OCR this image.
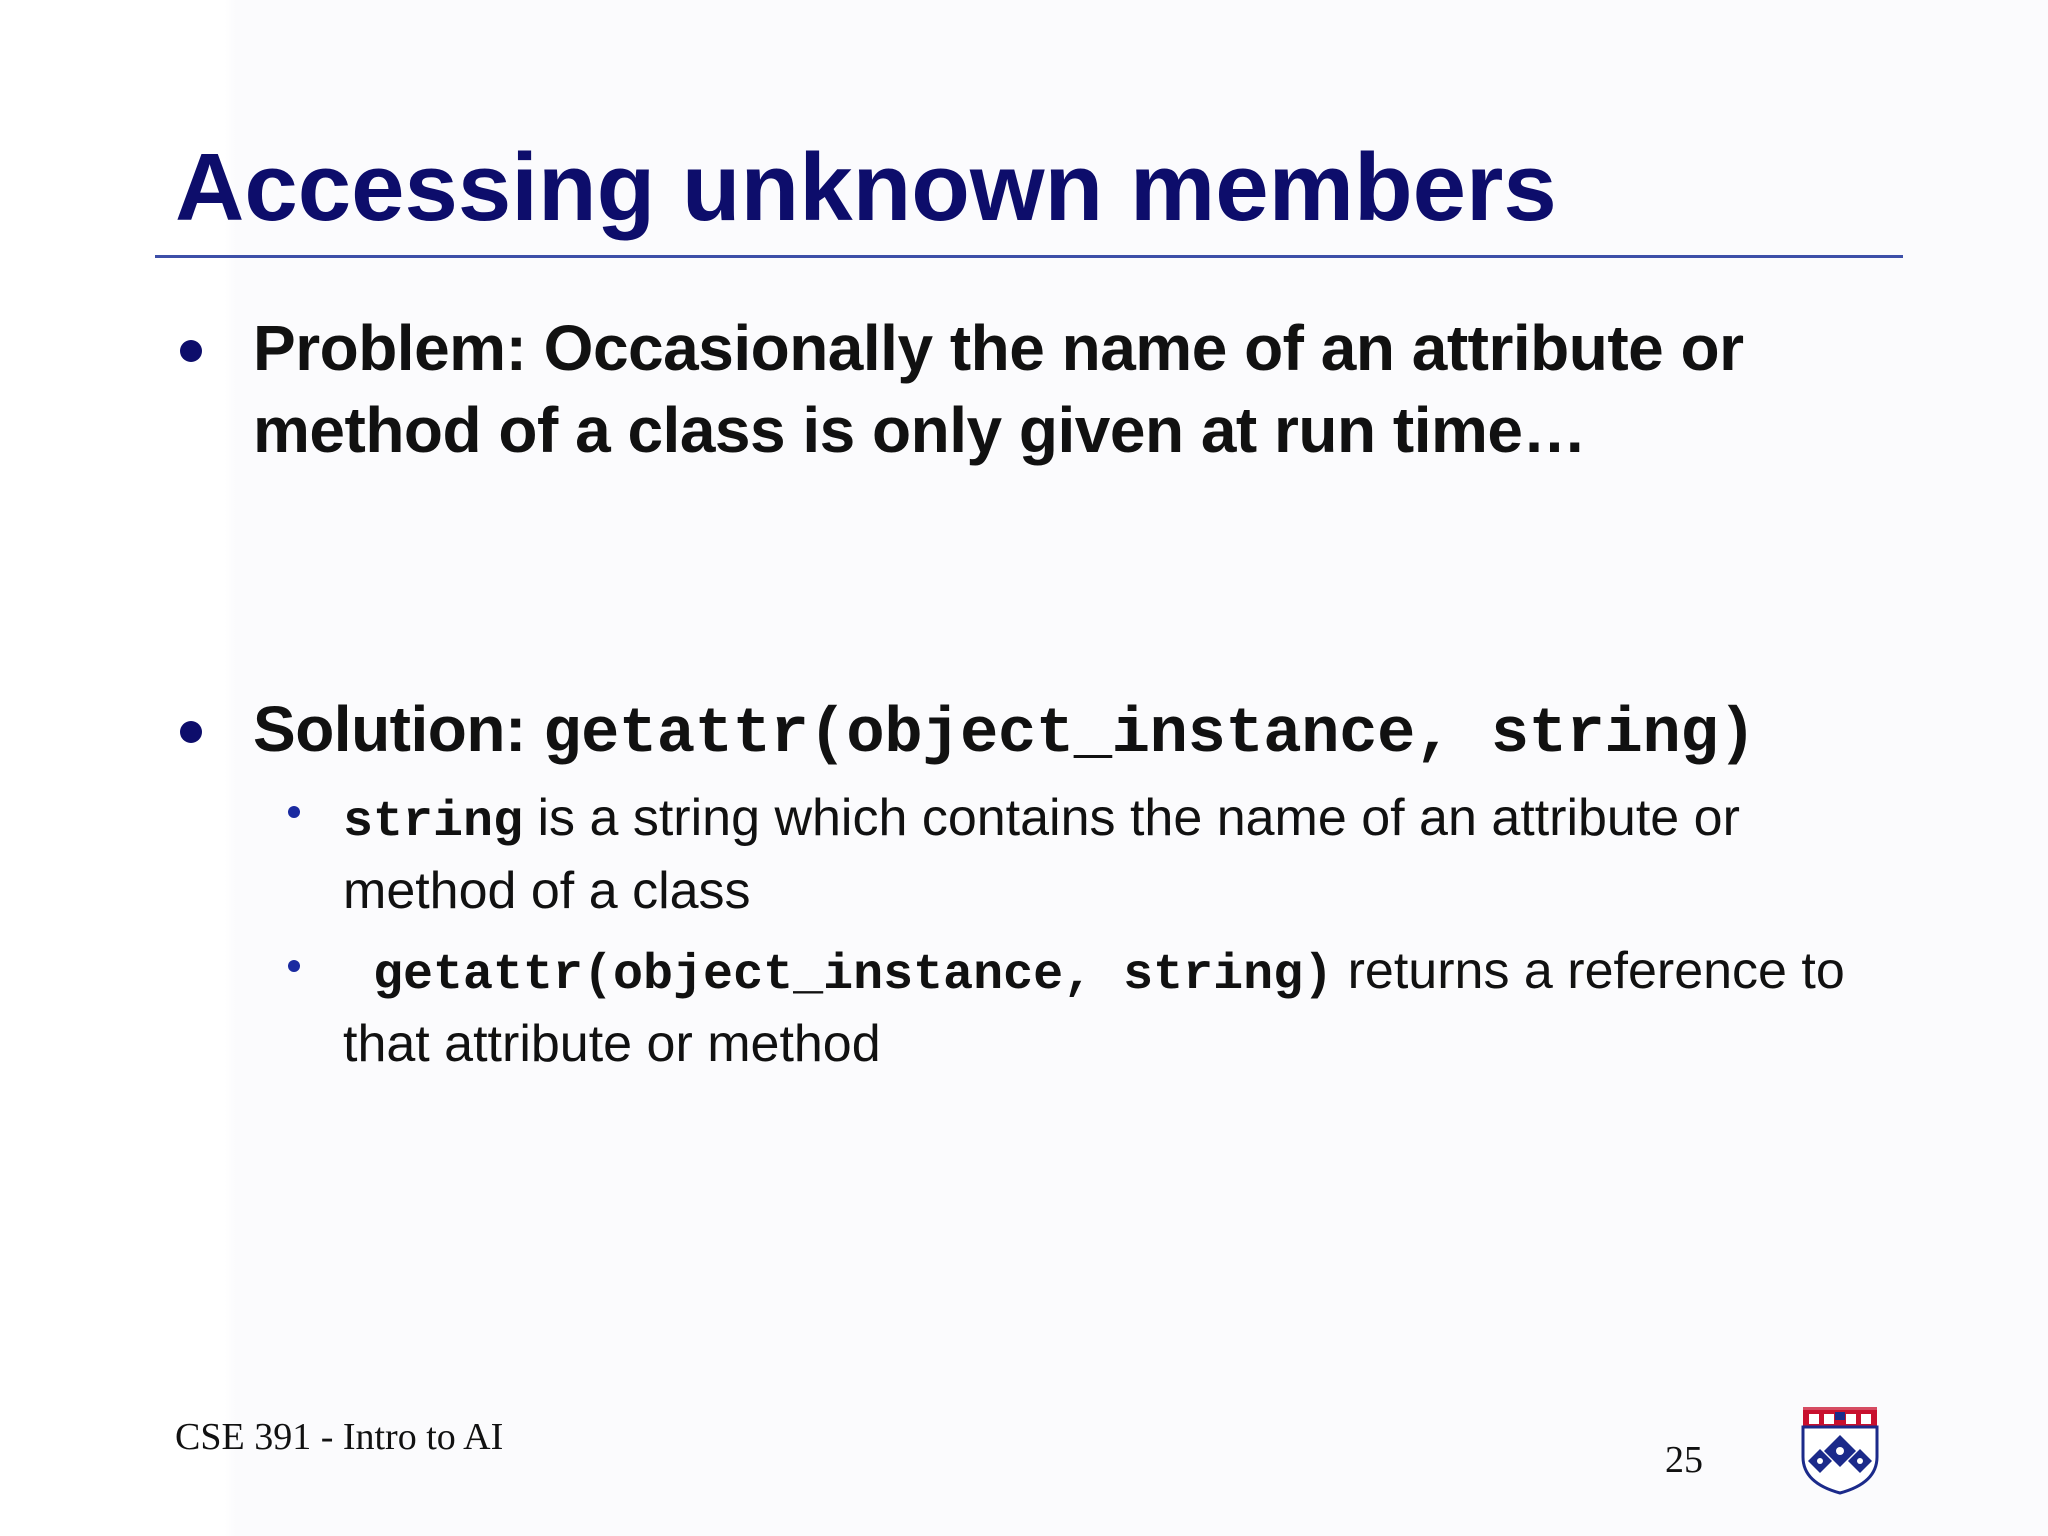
Accessing unknown members

Problem: Occasionally the name of an attribute or method of a class is only given at run time…

Solution: getattr(object_instance, string)

string is a string which contains the name of an attribute or method of a class

getattr(object_instance, string) returns a reference to that attribute or method

CSE 391 - Intro to AI
25
